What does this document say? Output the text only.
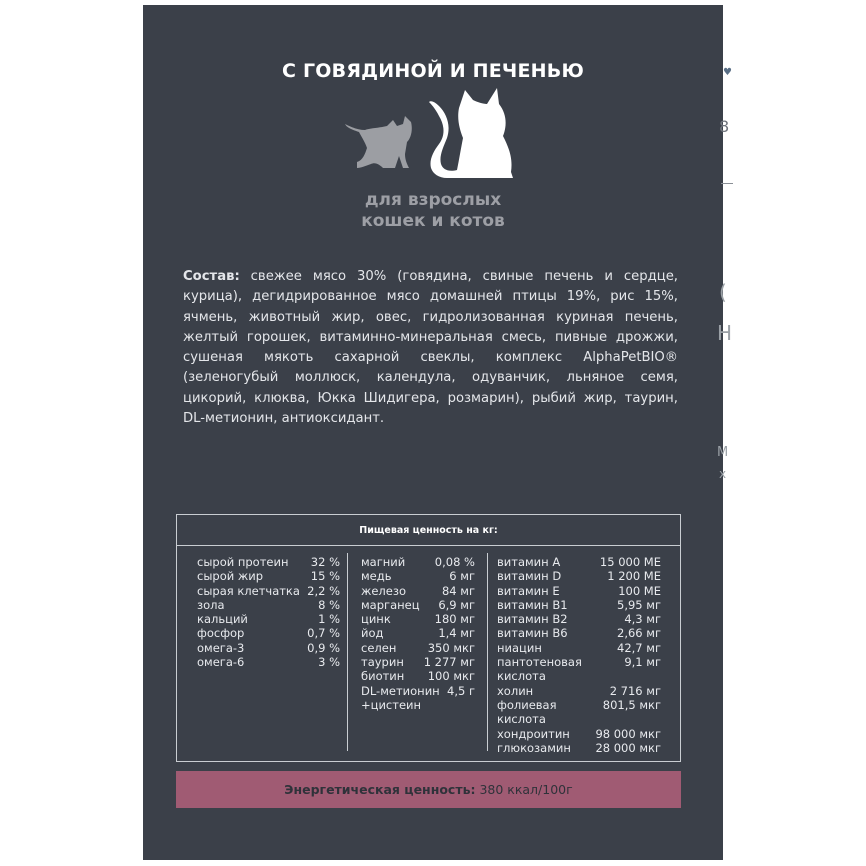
♥
8
(
H
M
x
С ГОВЯДИНОЙ И ПЕЧЕНЬЮ
для взрослых
кошек и котов
Состав: свежее мясо 30% (говядина, свиные печень и сердце, курица), дегидрированное мясо домашней птицы 19%, рис 15%, ячмень, животный жир, овес, гидролизованная куриная печень, желтый горошек, витаминно-минеральная смесь, пивные дрожжи, сушеная мякоть сахарной свеклы, комплекс AlphaPetBIO® (зеленогубый моллюск, календула, одуванчик, льняное семя, цикорий, клюква, Юкка Шидигера, розмарин), рыбий жир, таурин, DL-метионин, антиоксидант.
Пищевая ценность на кг:
сырой протеин 32 %
сырой жир	15 %
сырая клетчатка 2,2 %
зола	8 %
кальций	1 %
фосфор	0,7 %
омега-3	0,9 %
омега-6	3 %
магний	0,08 %
медь	6 мг
железо	84 мг
марганец 6,9 мг
цинк	180 мг
йод	1,4 мг
селен	350 мкг
таурин 1 277 мг
биотин 100 мкг
DL-метионин 4,5 г
+цистеин
витамин А	15 000 МЕ
витамин D	1 200 МЕ
витамин E	100 МЕ
витамин B1	5,95 мг
витамин B2	4,3 мг
витамин B6	2,66 мг
ниацин	42,7 мг
пантотеновая	9,1 мг
кислота
холин	2 716 мг
фолиевая	801,5 мкг
кислота
хондроитин 98 000 мкг
глюкозамин 28 000 мкг
Энергетическая ценность: 380 ккал/100г
